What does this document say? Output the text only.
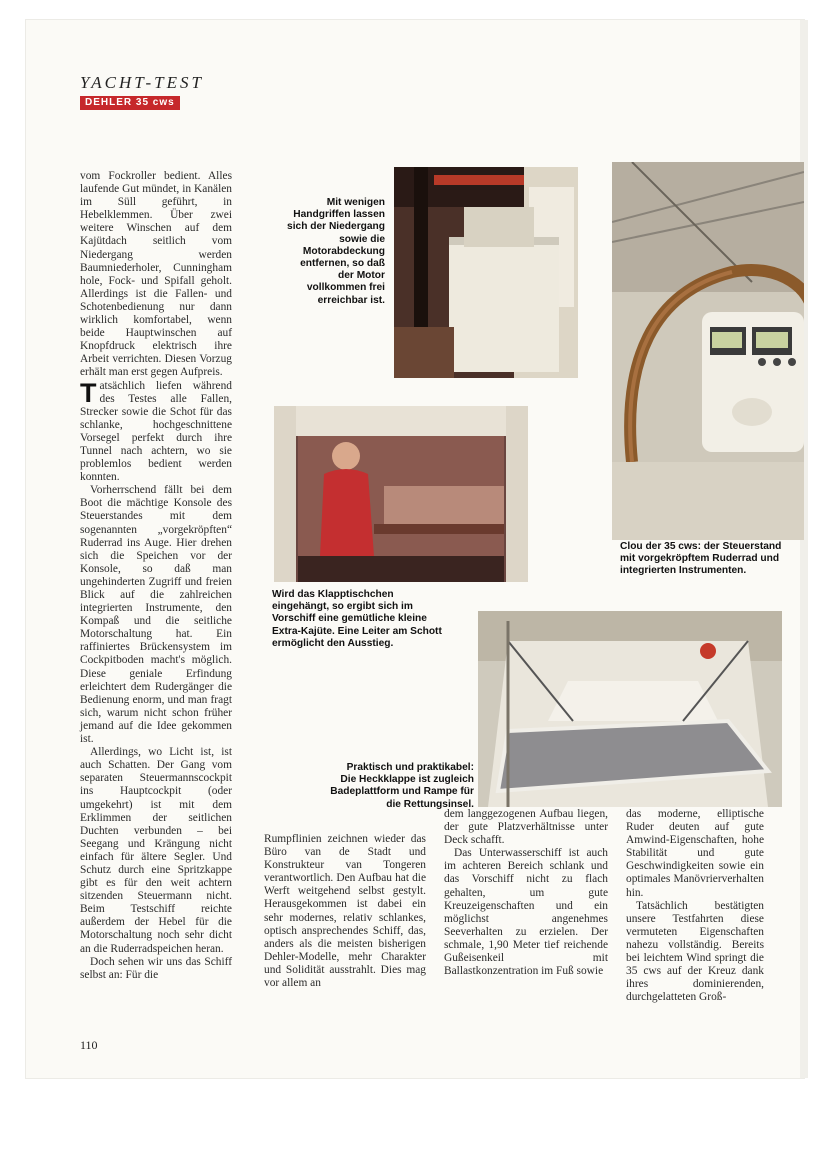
YACHT-TEST
DEHLER 35 cws

vom Fockroller bedient. Alles laufende Gut mündet, in Kanälen im Süll geführt, in Hebelklemmen. Über zwei weitere Winschen auf dem Kajütdach seitlich vom Niedergang werden Baumniederholer, Cunningham hole, Fock- und Spifall geholt. Allerdings ist die Fallen- und Schotenbedienung nur dann wirklich komfortabel, wenn beide Hauptwinschen auf Knopfdruck elektrisch ihre Arbeit verrichten. Diesen Vorzug erhält man erst gegen Aufpreis.

Tatsächlich liefen während des Testes alle Fallen, Strecker sowie die Schot für das schlanke, hochgeschnittene Vorsegel perfekt durch ihre Tunnel nach achtern, wo sie problemlos bedient werden konnten.

Vorherrschend fällt bei dem Boot die mächtige Konsole des Steuerstandes mit dem sogenannten „vorgekröpften“ Ruderrad ins Auge. Hier drehen sich die Speichen vor der Konsole, so daß man ungehinderten Zugriff und freien Blick auf die zahlreichen integrierten Instrumente, den Kompaß und die seitliche Motorschaltung hat. Ein raffiniertes Brückensystem im Cockpitboden macht's möglich. Diese geniale Erfindung erleichtert dem Rudergänger die Bedienung enorm, und man fragt sich, warum nicht schon früher jemand auf die Idee gekommen ist.

Allerdings, wo Licht ist, ist auch Schatten. Der Gang vom separaten Steuermannscockpit ins Hauptcockpit (oder umgekehrt) ist mit dem Erklimmen der seitlichen Duchten verbunden – bei Seegang und Krängung nicht einfach für ältere Segler. Und Schutz durch eine Spritzkappe gibt es für den weit achtern sitzenden Steuermann nicht. Beim Testschiff reichte außerdem der Hebel für die Motorschaltung noch sehr dicht an die Ruderradspeichen heran.

Doch sehen wir uns das Schiff selbst an: Für die

Mit wenigen Handgriffen lassen sich der Niedergang sowie die Motorabdeckung entfernen, so daß der Motor vollkommen frei erreichbar ist.
Clou der 35 cws: der Steuerstand mit vorgekröpftem Ruderrad und integrierten Instrumenten.
Wird das Klapptischchen eingehängt, so ergibt sich im Vorschiff eine gemütliche kleine Extra-Kajüte. Eine Leiter am Schott ermöglicht den Ausstieg.
Praktisch und praktikabel: Die Heckklappe ist zugleich Badeplattform und Rampe für die Rettungsinsel.

Rumpflinien zeichnen wieder das Büro van de Stadt und Konstrukteur van Tongeren verantwortlich. Den Aufbau hat die Werft weitgehend selbst gestylt. Herausgekommen ist dabei ein sehr modernes, relativ schlankes, optisch ansprechendes Schiff, das, anders als die meisten bisherigen Dehler-Modelle, mehr Charakter und Solidität ausstrahlt. Dies mag vor allem an

dem langgezogenen Aufbau liegen, der gute Platzverhältnisse unter Deck schafft.

Das Unterwasserschiff ist auch im achteren Bereich schlank und das Vorschiff nicht zu flach gehalten, um gute Kreuzeigenschaften und ein möglichst angenehmes Seeverhalten zu erzielen. Der schmale, 1,90 Meter tief reichende Gußeisenkeil mit Ballastkonzentration im Fuß sowie

das moderne, elliptische Ruder deuten auf gute Amwind-Eigenschaften, hohe Stabilität und gute Geschwindigkeiten sowie ein optimales Manövrierverhalten hin.

Tatsächlich bestätigten unsere Testfahrten diese vermuteten Eigenschaften nahezu vollständig. Bereits bei leichtem Wind springt die 35 cws auf der Kreuz dank ihres dominierenden, durchgelatteten Groß-

110
